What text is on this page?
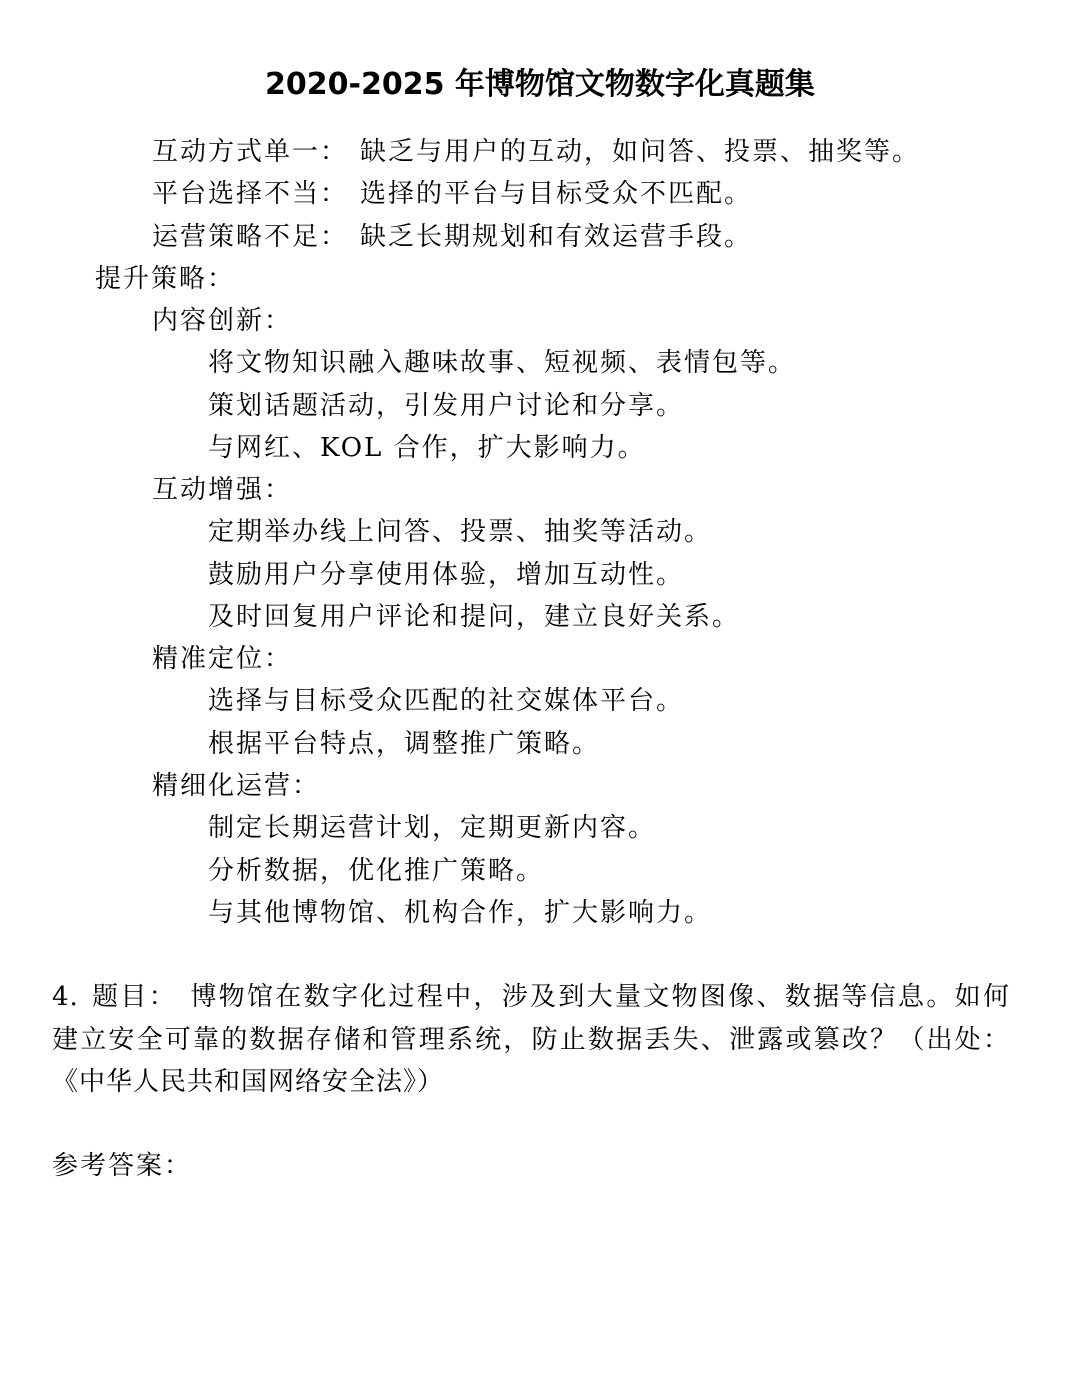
2020-2025 年博物馆文物数字化真题集
互动方式单一： 缺乏与用户的互动，如问答、投票、抽奖等。
平台选择不当： 选择的平台与目标受众不匹配。
运营策略不足： 缺乏长期规划和有效运营手段。
提升策略：
内容创新：
将文物知识融入趣味故事、短视频、表情包等。
策划话题活动，引发用户讨论和分享。
与网红、KOL 合作，扩大影响力。
互动增强：
定期举办线上问答、投票、抽奖等活动。
鼓励用户分享使用体验，增加互动性。
及时回复用户评论和提问，建立良好关系。
精准定位：
选择与目标受众匹配的社交媒体平台。
根据平台特点，调整推广策略。
精细化运营：
制定长期运营计划，定期更新内容。
分析数据，优化推广策略。
与其他博物馆、机构合作，扩大影响力。
4. 题目： 博物馆在数字化过程中，涉及到大量文物图像、数据等信息。如何
建立安全可靠的数据存储和管理系统，防止数据丢失、泄露或篡改？（出处：
《中华人民共和国网络安全法》）
参考答案：
